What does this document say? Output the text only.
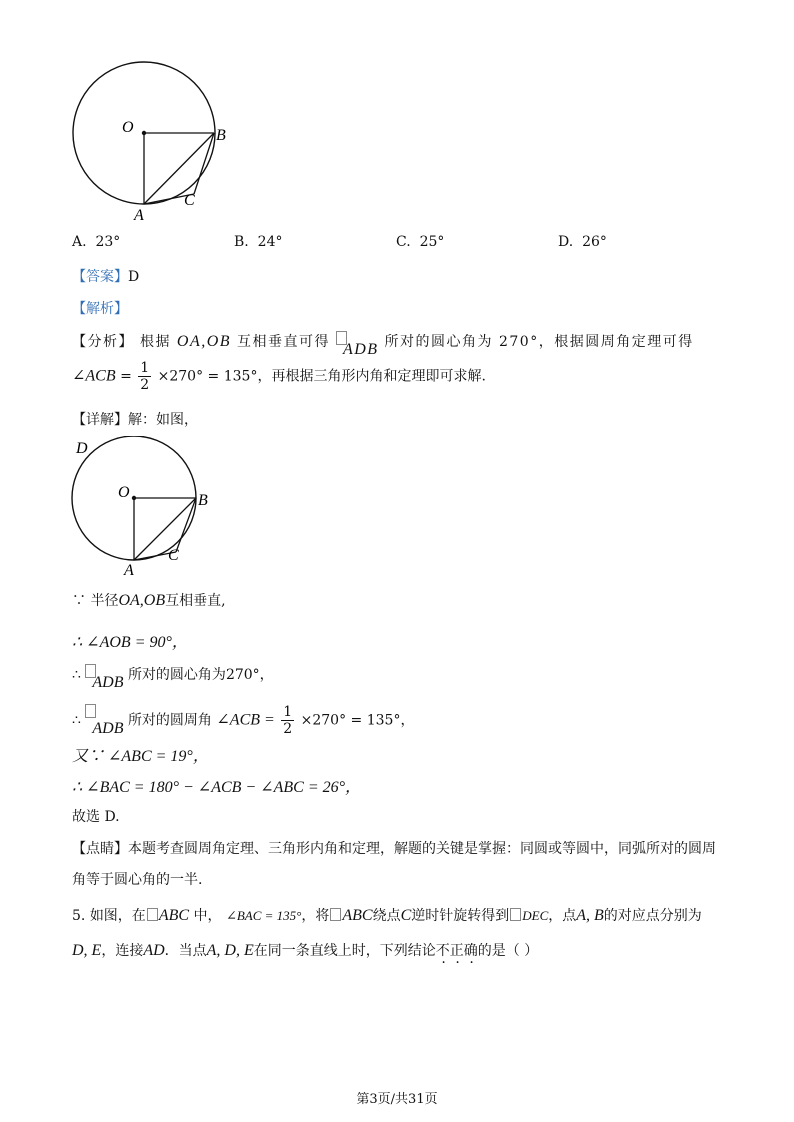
O	B
C
A
A. 23°	B. 24°	C. 25°	D. 26°
【答案】D
【解析】
【分析】 根据 OA,OB 互相垂直可得 ADB 所对的圆心角为 270°，根据圆周角定理可得
∠ACB = $\frac{1}{2} \times 270^\circ = 135^\circ$，再根据三角形内角和定理即可求解.
【详解】解：如图，
D
O	B
C
A
∵ 半径OA,OB互相垂直,
∴ ∠AOB = 90°，
∴ ADB 所对的圆心角为270°，
∴ ADB 所对的圆周角 ∠ACB = $\frac{1}{2} \times 270^\circ = 135^\circ$，
又∵ ∠ABC = 19°，
∴ ∠BAC = 180° − ∠ACB − ∠ABC = 26°，
故选 D.
【点睛】本题考查圆周角定理、三角形内角和定理，解题的关键是掌握：同圆或等圆中，同弧所对的圆周
角等于圆心角的一半.
5. 如图，在 ABC 中， ∠BAC = 135°，将 ABC绕点C逆时针旋转得到 DEC，点A, B的对应点分别为
D, E，连接AD．当点A, D, E在同一条直线上时，下列结论不正确的是（ ）
第3页/共31页
